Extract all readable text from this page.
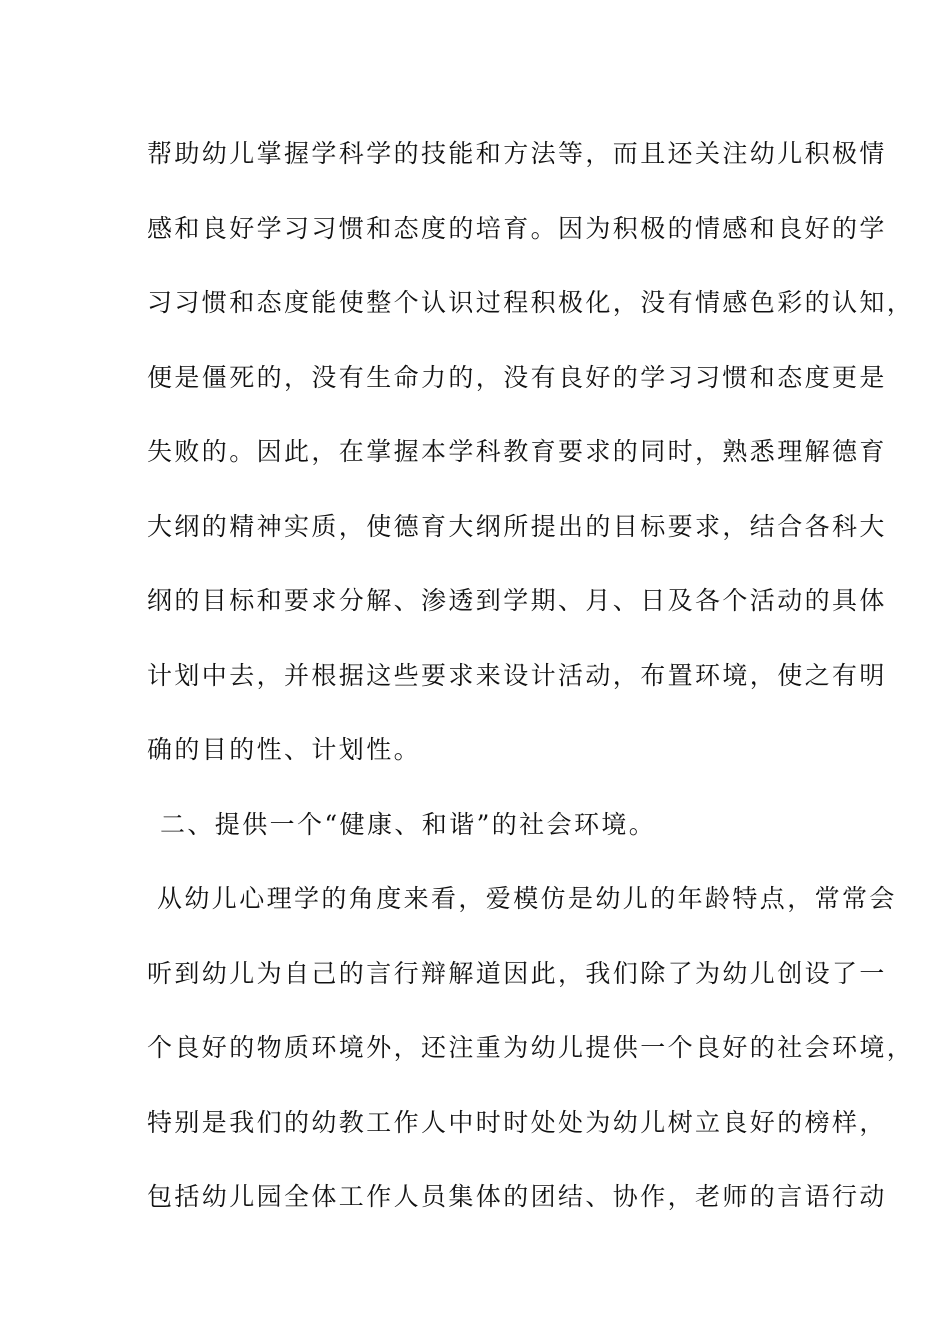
帮助幼儿掌握学科学的技能和方法等，而且还关注幼儿积极情
感和良好学习习惯和态度的培育。因为积极的情感和良好的学
习习惯和态度能使整个认识过程积极化，没有情感色彩的认知，
便是僵死的，没有生命力的，没有良好的学习习惯和态度更是
失败的。因此，在掌握本学科教育要求的同时，熟悉理解德育
大纲的精神实质，使德育大纲所提出的目标要求，结合各科大
纲的目标和要求分解、渗透到学期、月、日及各个活动的具体
计划中去，并根据这些要求来设计活动，布置环境，使之有明
确的目的性、计划性。
二、提供一个“健康、和谐”的社会环境。
从幼儿心理学的角度来看，爱模仿是幼儿的年龄特点，常常会
听到幼儿为自己的言行辩解道因此，我们除了为幼儿创设了一
个良好的物质环境外，还注重为幼儿提供一个良好的社会环境，
特别是我们的幼教工作人中时时处处为幼儿树立良好的榜样，
包括幼儿园全体工作人员集体的团结、协作，老师的言语行动
